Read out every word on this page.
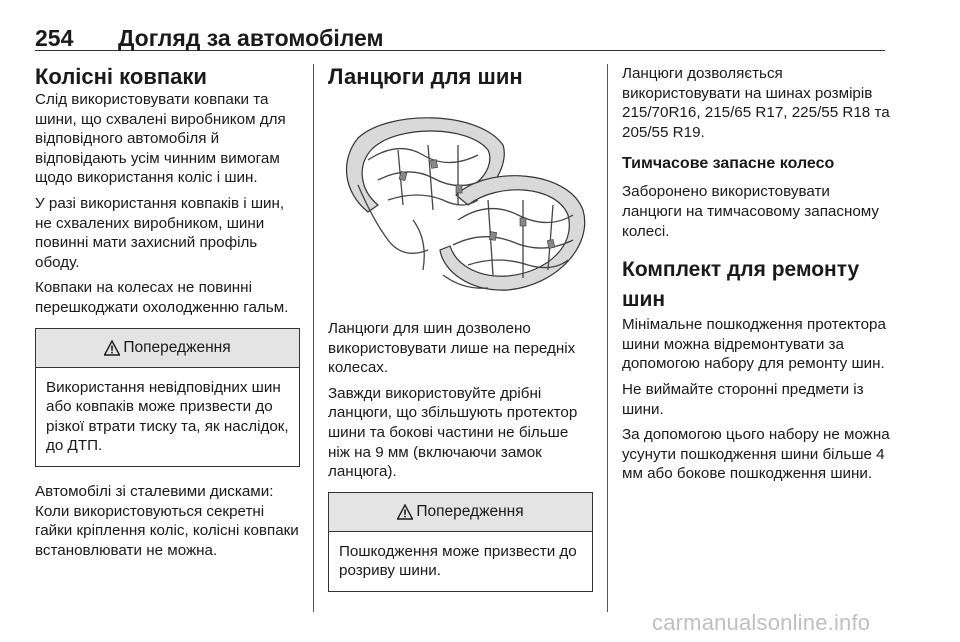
254 Догляд за автомобілем
Колісні ковпаки

Слід використовувати ковпаки та шини, що схвалені виробником для відповідного автомобіля й відповідають усім чинним вимогам щодо використання коліс і шин.

У разі використання ковпаків і шин, не схвалених виробником, шини повинні мати захисний профіль ободу.

Ковпаки на колесах не повинні перешкоджати охолодженню гальм.

Попередження

Використання невідповідних шин або ковпаків може призвести до різкої втрати тиску та, як наслідок, до ДТП.

Автомобілі зі сталевими дисками: Коли використовуються секретні гайки кріплення коліс, колісні ковпаки встановлювати не можна.

Ланцюги для шин

Ланцюги для шин дозволено використовувати лише на передніх колесах.

Завжди використовуйте дрібні ланцюги, що збільшують протектор шини та бокові частини не більше ніж на 9 мм (включаючи замок ланцюга).

Попередження

Пошкодження може призвести до розриву шини.

Ланцюги дозволяється використовувати на шинах розмірів 215/70R16, 215/65 R17, 225/55 R18 та 205/55 R19.

Тимчасове запасне колесо

Заборонено використовувати ланцюги на тимчасовому запасному колесі.

Комплект для ремонту шин

Мінімальне пошкодження протектора шини можна відремонтувати за допомогою набору для ремонту шин.

Не виймайте сторонні предмети із шини.

За допомогою цього набору не можна усунути пошкодження шини більше 4 мм або бокове пошкодження шини.

carmanualsonline.info
